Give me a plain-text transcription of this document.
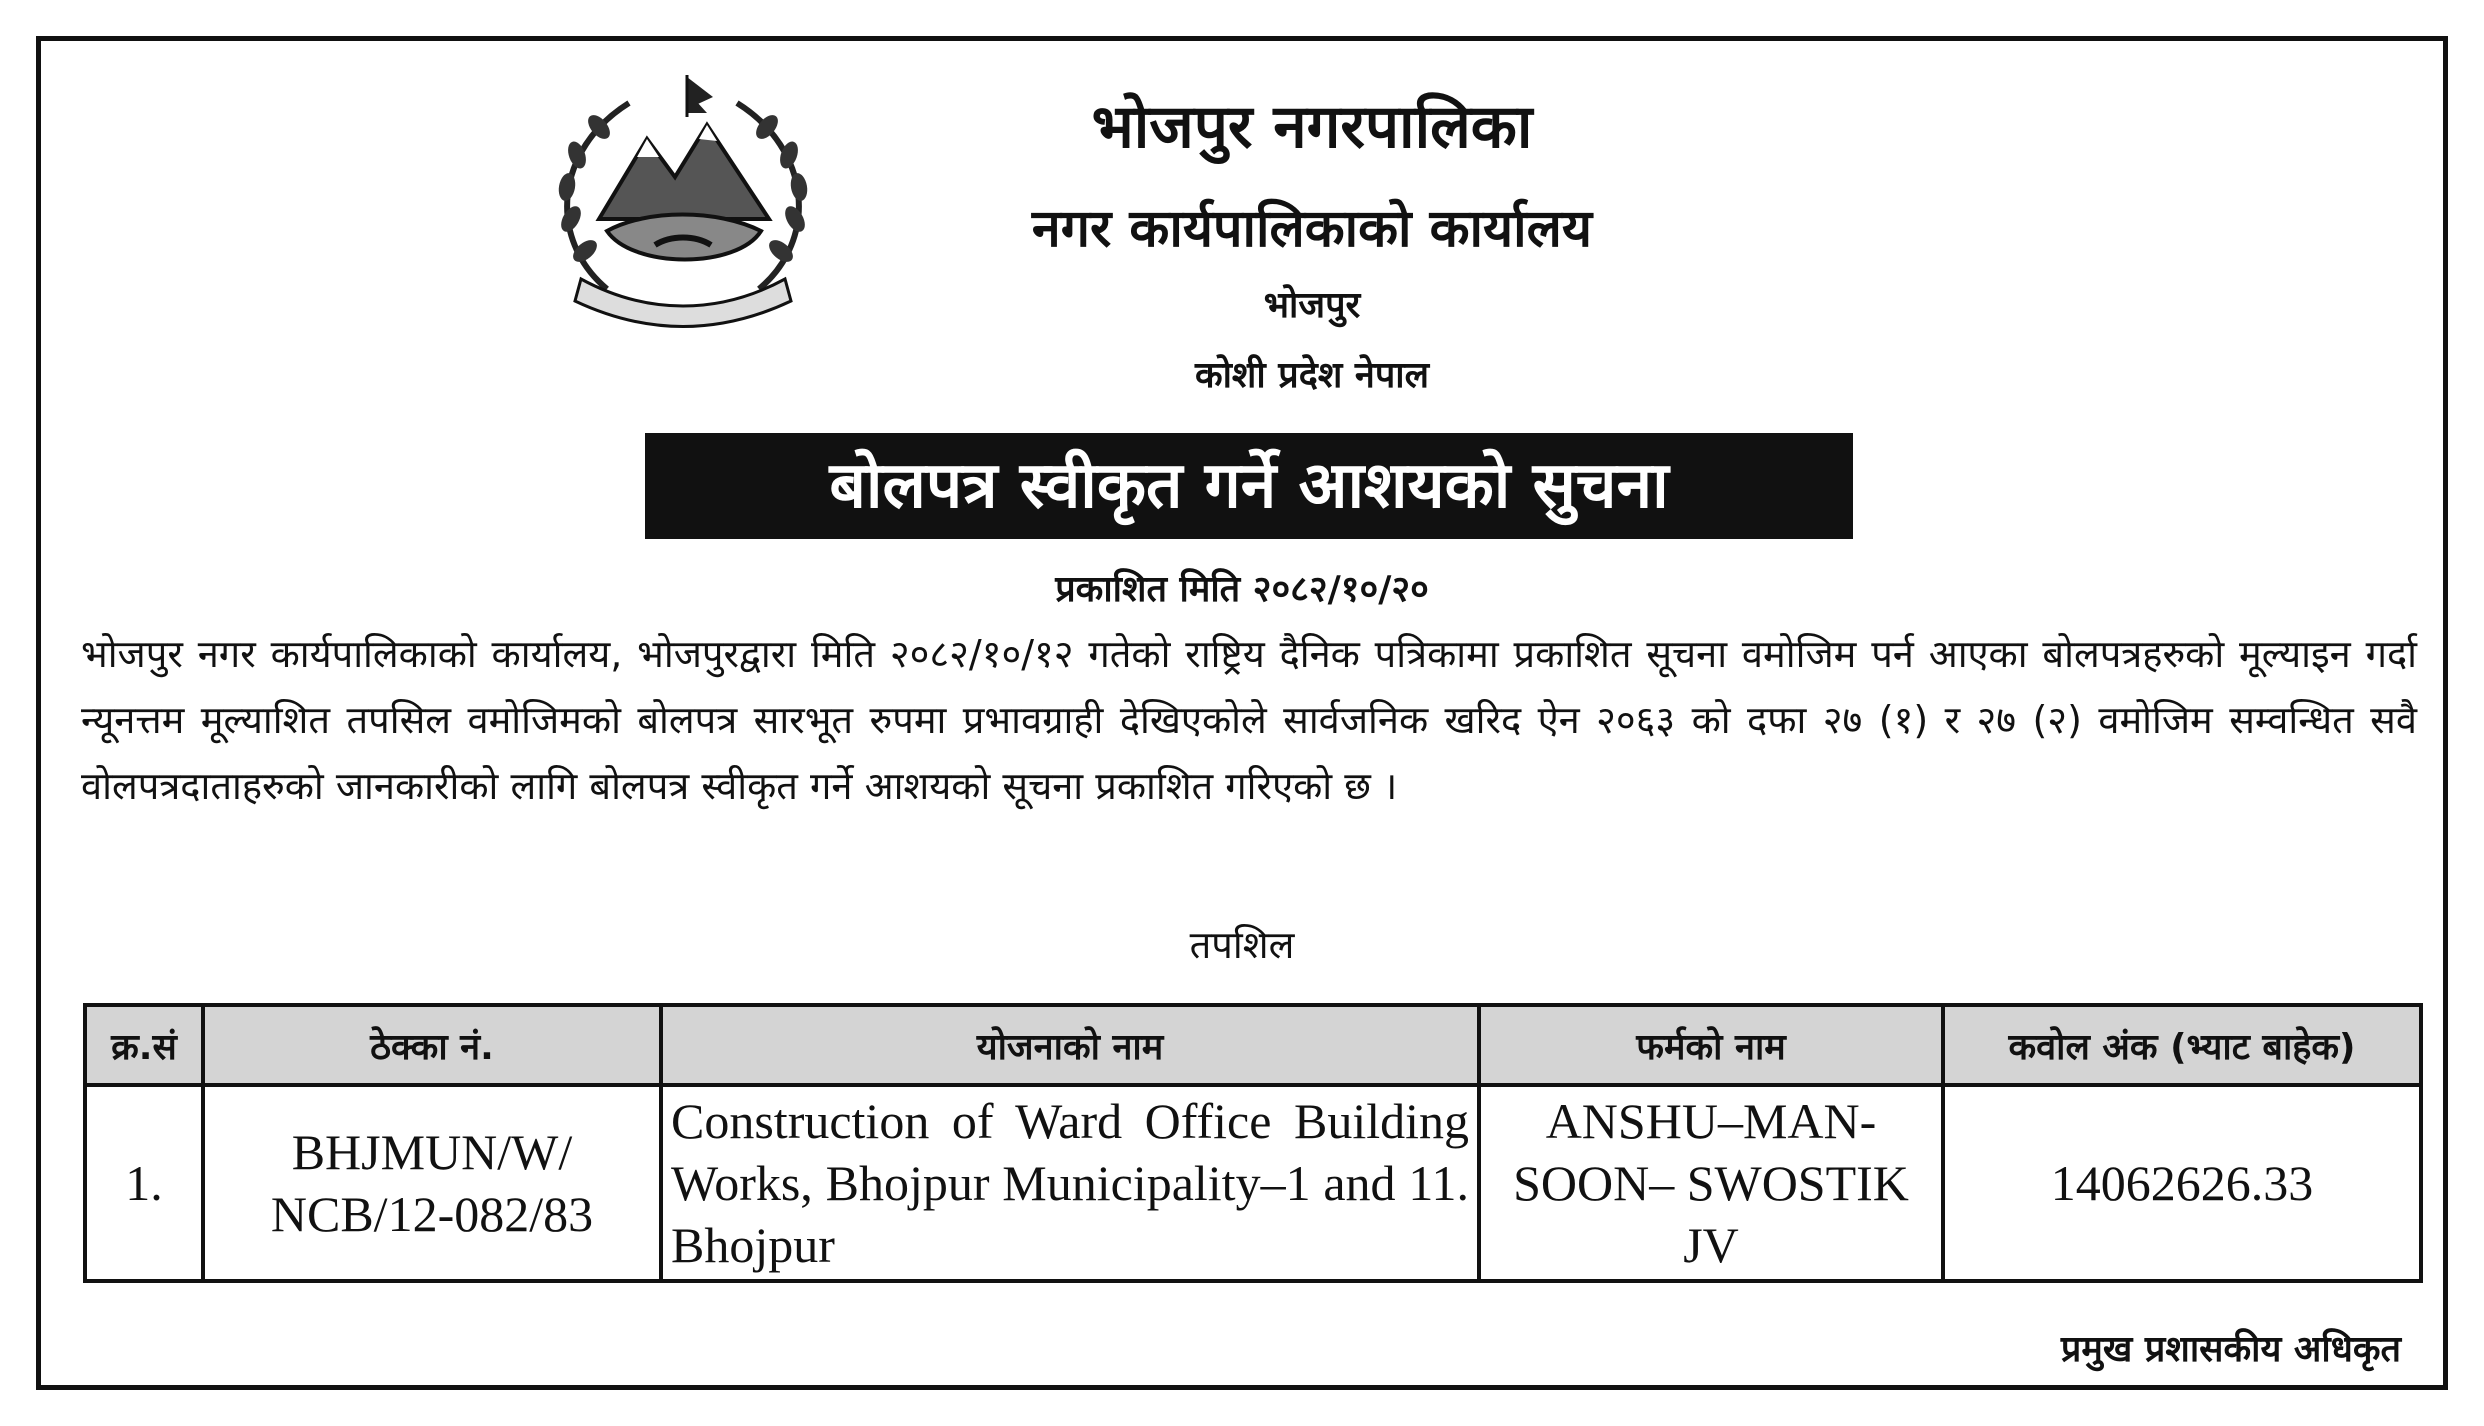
भोजपुर नगरपालिका
नगर कार्यपालिकाको कार्यालय
भोजपुर
कोशी प्रदेश नेपाल
बोलपत्र स्वीकृत गर्ने आशयको सुचना
प्रकाशित मिति २०८२/१०/२०
भोजपुर नगर कार्यपालिकाको कार्यालय, भोजपुरद्वारा मिति २०८२/१०/१२ गतेको राष्ट्रिय दैनिक पत्रिकामा प्रकाशित सूचना वमोजिम पर्न आएका बोलपत्रहरुको मूल्याइन गर्दा न्यूनत्तम मूल्याशित तपसिल वमोजिमको बोलपत्र सारभूत रुपमा प्रभावग्राही देखिएकोले सार्वजनिक खरिद ऐन २०६३ को दफा २७ (१) र २७ (२) वमोजिम सम्वन्धित सवै वोलपत्रदाताहरुको जानकारीको लागि बोलपत्र स्वीकृत गर्ने आशयको सूचना प्रकाशित गरिएको छ ।
तपशिल
क्र.सं	ठेक्का नं.	योजनाको नाम	फर्मको नाम	कवोल अंक (भ्याट बाहेक)
1.	BHJMUN/W/ NCB/12-082/83	Construction of Ward Office Building Works, Bhojpur Municipality–1 and 11. Bhojpur	ANSHU–MAN- SOON– SWOSTIK JV	14062626.33
प्रमुख प्रशासकीय अधिकृत
